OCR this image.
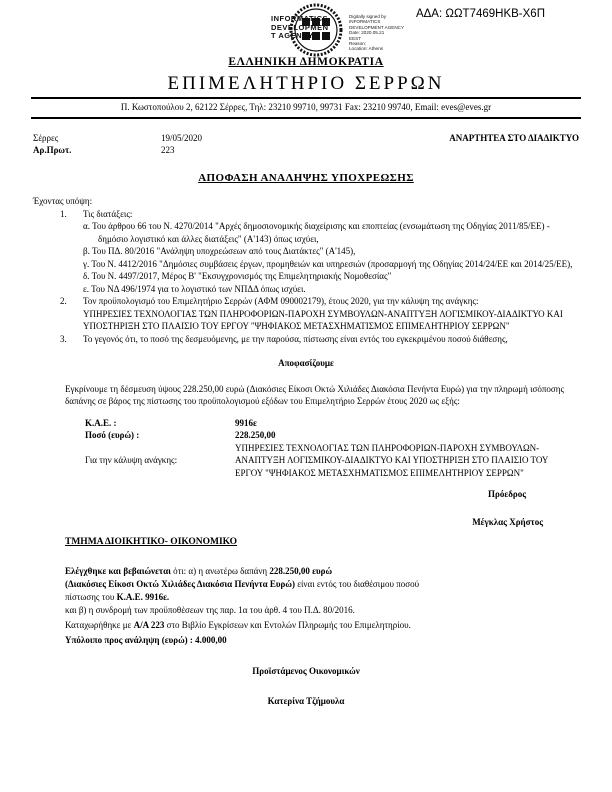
INFORMATICS
DEVELOPMEN
T AGENCY
Digitally signed by
INFORMATICS
DEVELOPMENT AGENCY
Date: 2020.05.21
EEST
Reason:
Location: Athens
ΑΔΑ: ΩΩΤ7469ΗΚΒ-Χ6Π
ΕΛΛΗΝΙΚΗ ΔΗΜΟΚΡΑΤΙΑ
ΕΠΙΜΕΛΗΤΗΡΙΟ ΣΕΡΡΩΝ
Π. Κωστοπούλου 2, 62122 Σέρρες, Τηλ: 23210 99710, 99731 Fax: 23210 99740, Email: eves@eves.gr
Σέρρες	19/05/2020	ΑΝΑΡΤΗΤΕΑ ΣΤΟ ΔΙΑΔΙΚΤΥΟ
Αρ.Πρωτ.	223
ΑΠΟΦΑΣΗ ΑΝΑΛΗΨΗΣ ΥΠΟΧΡΕΩΣΗΣ
Έχοντας υπόψη:
1.	Τις διατάξεις:
α. Του άρθρου 66 του Ν. 4270/2014 "Αρχές δημοσιονομικής διαχείρισης και εποπτείας (ενσωμάτωση της Οδηγίας 2011/85/ΕΕ) - δημόσιο λογιστικό και άλλες διατάξεις" (Α'143) όπως ισχύει,
β. Του ΠΔ. 80/2016 "Ανάληψη υποχρεώσεων από τους Διατάκτες" (Α'145),
γ. Του Ν. 4412/2016 "Δημόσιες συμβάσεις έργων, προμηθειών και υπηρεσιών (προσαρμογή της Οδηγίας 2014/24/ΕΕ και 2014/25/ΕΕ),
δ. Του Ν. 4497/2017, Μέρος Β' "Εκσυγχρονισμός της Επιμελητηριακής Νομοθεσίας"
ε. Του ΝΔ 496/1974 για το λογιστικό των ΝΠΔΔ όπως ισχύει.
2.	Τον προϋπολογισμό του Επιμελητήριο Σερρών (ΑΦΜ 090002179), έτους 2020, για την κάλυψη της ανάγκης:
ΥΠΗΡΕΣΙΕΣ ΤΕΧΝΟΛΟΓΙΑΣ ΤΩΝ ΠΛΗΡΟΦΟΡΙΩΝ-ΠΑΡΟΧΗ ΣΥΜΒΟΥΛΩΝ-ΑΝΑΠΤΥΞΗ ΛΟΓΙΣΜΙΚΟΥ-ΔΙΑΔΙΚΤΥΟ ΚΑΙ ΥΠΟΣΤΗΡΙΞΗ ΣΤΟ ΠΛΑΙΣΙΟ ΤΟΥ ΕΡΓΟΥ "ΨΗΦΙΑΚΟΣ ΜΕΤΑΣΧΗΜΑΤΙΣΜΟΣ ΕΠΙΜΕΛΗΤΗΡΙΟΥ ΣΕΡΡΩΝ"
3.	Το γεγονός ότι, το ποσό της δεσμευόμενης, με την παρούσα, πίστωσης είναι εντός του εγκεκριμένου ποσού διάθεσης,
Αποφασίζουμε
Εγκρίνουμε τη δέσμευση ύψους 228.250,00 ευρώ (Διακόσιες Είκοσι Οκτώ Χιλιάδες Διακόσια Πενήντα Ευρώ) για την πληρωμή ισόποσης δαπάνης σε βάρος της πίστωσης του προϋπολογισμού εξόδων του Επιμελητήριο Σερρών έτους 2020 ως εξής:
Κ.Α.Ε. :	9916ε
Ποσό (ευρώ) :	228.250,00
Για την κάλυψη ανάγκης:
ΥΠΗΡΕΣΙΕΣ ΤΕΧΝΟΛΟΓΙΑΣ ΤΩΝ ΠΛΗΡΟΦΟΡΙΩΝ-ΠΑΡΟΧΗ ΣΥΜΒΟΥΛΩΝ-ΑΝΑΠΤΥΞΗ ΛΟΓΙΣΜΙΚΟΥ-ΔΙΑΔΙΚΤΥΟ ΚΑΙ ΥΠΟΣΤΗΡΙΞΗ ΣΤΟ ΠΛΑΙΣΙΟ ΤΟΥ ΕΡΓΟΥ "ΨΗΦΙΑΚΟΣ ΜΕΤΑΣΧΗΜΑΤΙΣΜΟΣ ΕΠΙΜΕΛΗΤΗΡΙΟΥ ΣΕΡΡΩΝ"
Πρόεδρος
Μέγκλας Χρήστος
ΤΜΗΜΑ ΔΙΟΙΚΗΤΙΚΟ- ΟΙΚΟΝΟΜΙΚΟ
Ελέγχθηκε και βεβαιώνεται ότι: α) η ανωτέρω δαπάνη 228.250,00 ευρώ
(Διακόσιες Είκοσι Οκτώ Χιλιάδες Διακόσια Πενήντα Ευρώ) είναι εντός του διαθέσιμου ποσού
πίστωσης του Κ.Α.Ε. 9916ε.
και β) η συνδρομή των προϋποθέσεων της παρ. 1α του άρθ. 4 του Π.Δ. 80/2016.
Καταχωρήθηκε με Α/Α 223 στο Βιβλίο Εγκρίσεων και Εντολών Πληρωμής του Επιμελητηρίου.
Υπόλοιπο προς ανάληψη (ευρώ) : 4.000,00
Προϊστάμενος Οικονομικών
Κατερίνα Τζήμουλα
